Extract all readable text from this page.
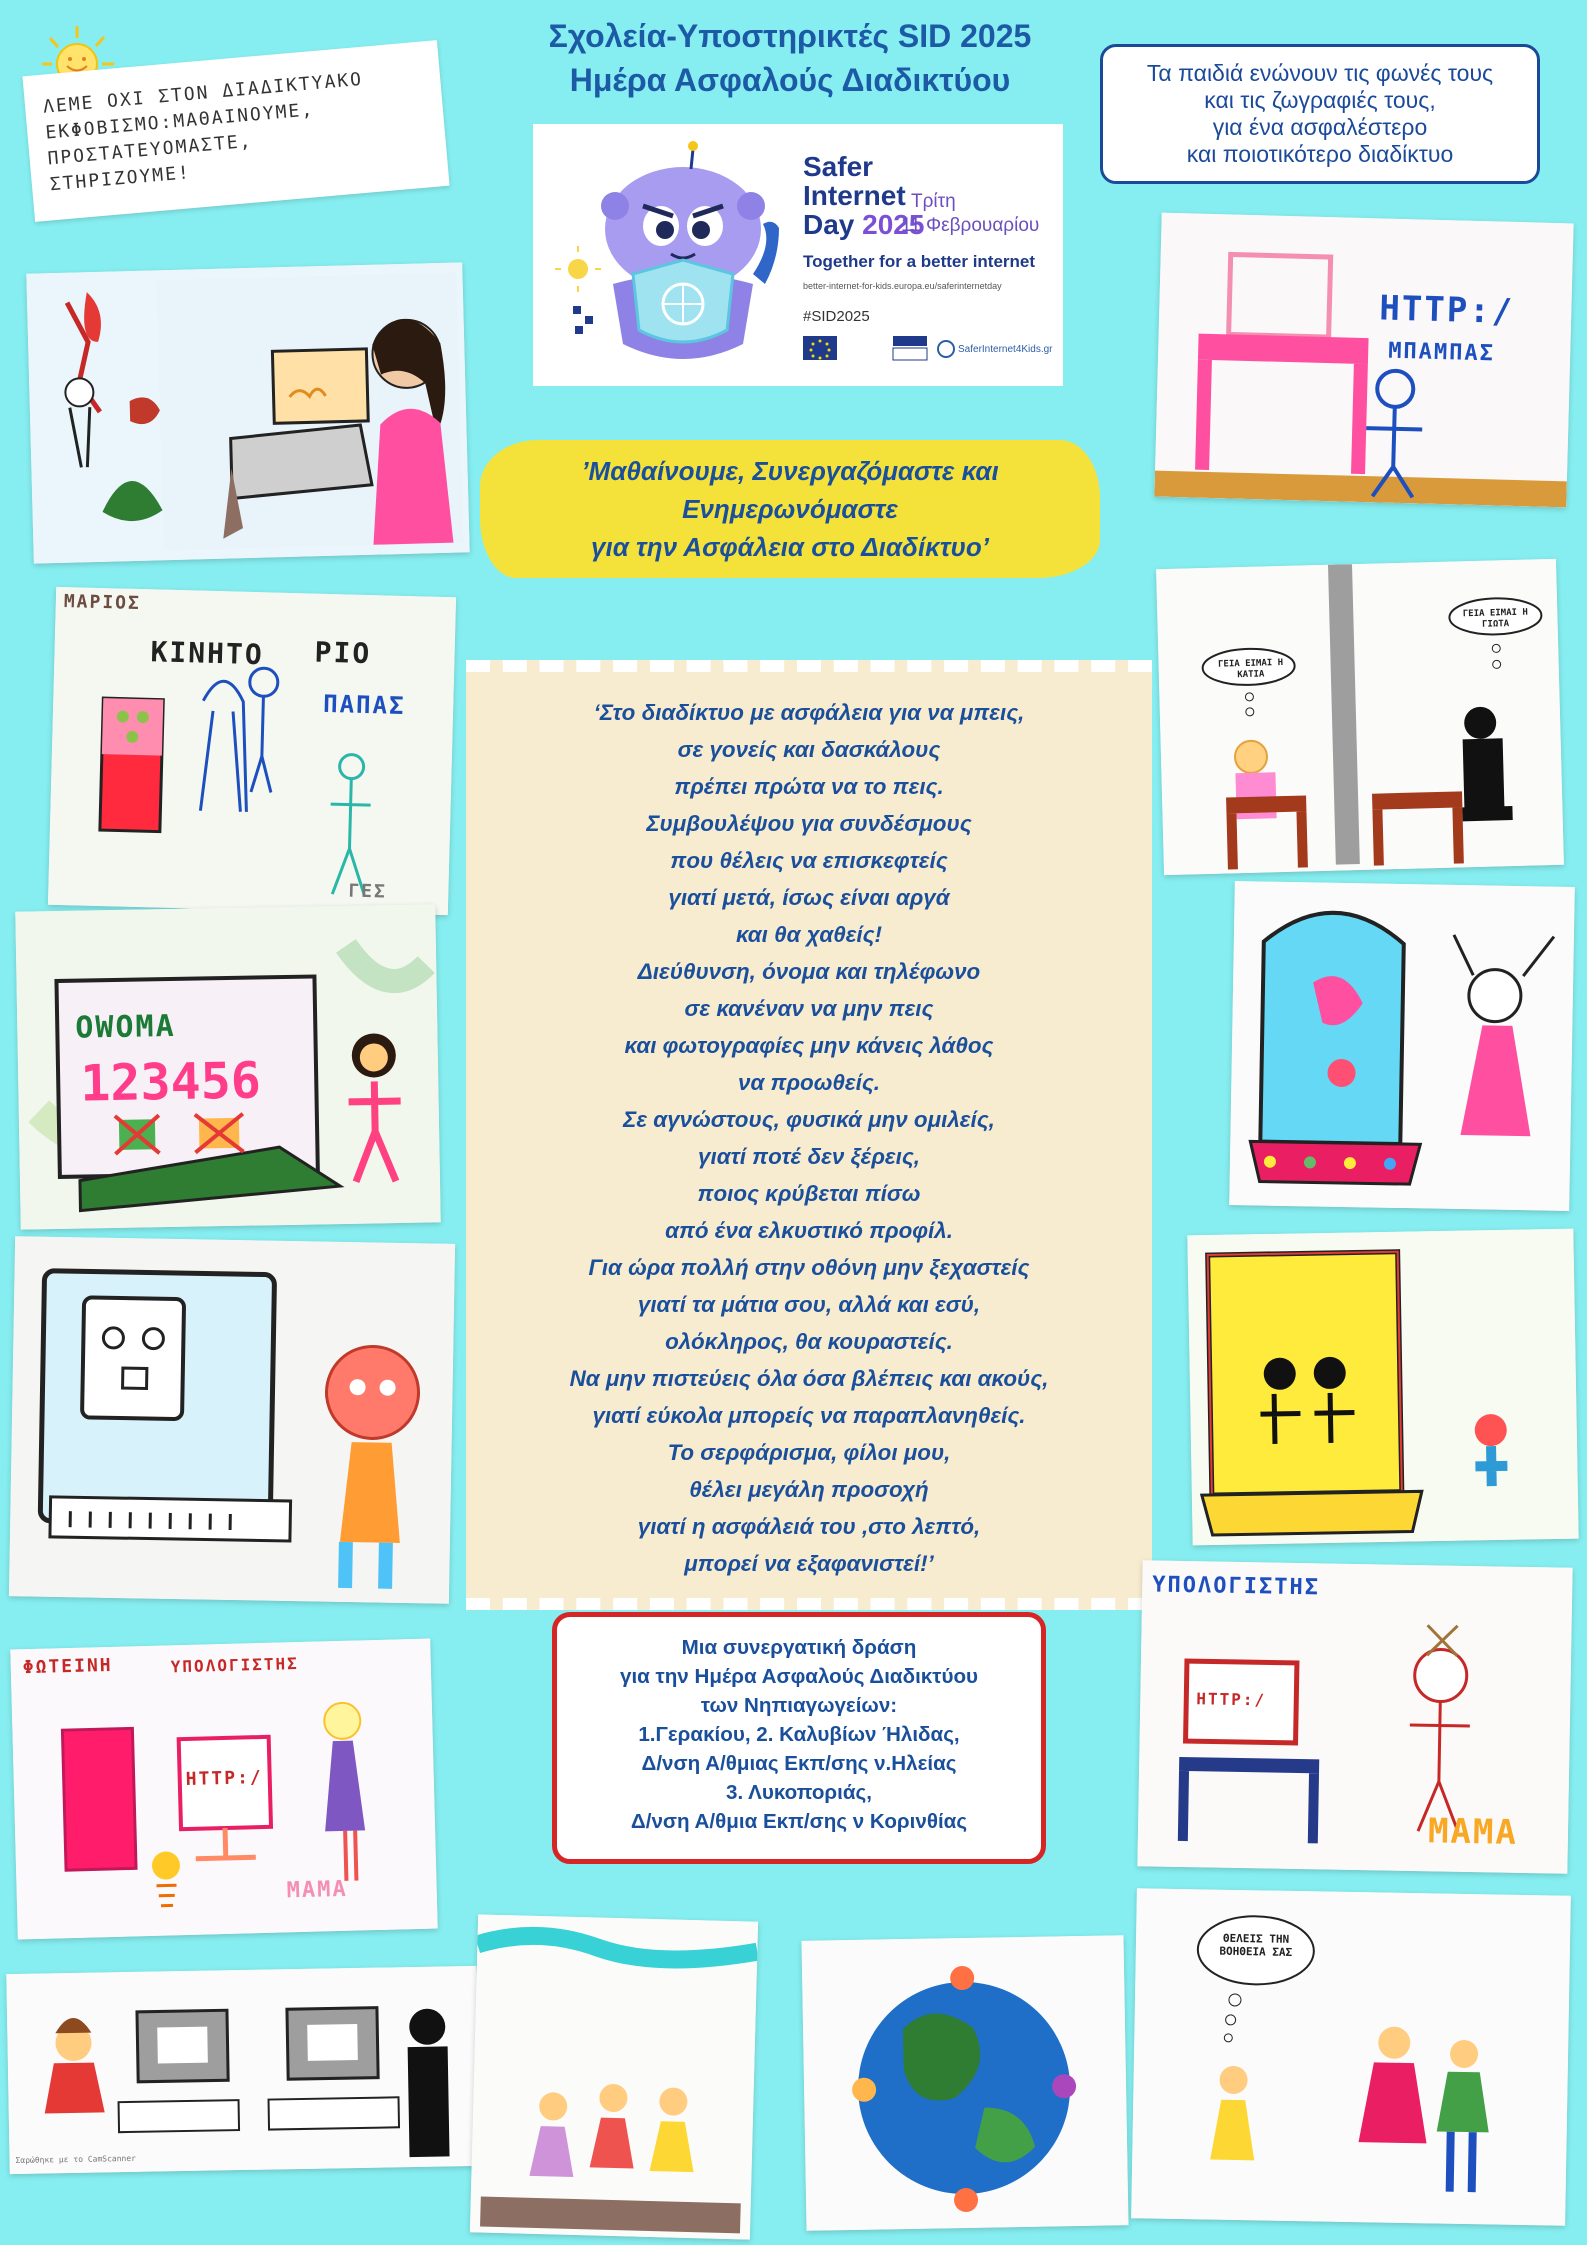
Σχολεία-Υποστηρικτές SID 2025
Ημέρα Ασφαλούς Διαδικτύου	Τα παιδιά ενώνουν τις φωνές τους
και τις ζωγραφιές τους,
για ένα ασφαλέστερο
και ποιοτικότερο διαδίκτυο
ΛΕΜΕ ΟΧΙ ΣΤΟΝ ΔΙΑΔΙΚΤΥΑΚΟ
ΕΚΦΟΒΙΣΜΟ:ΜΑΘΑΙΝΟΥΜΕ,
ΠΡΟΣΤΑΤΕΥΟΜΑΣΤΕ,
ΣΤΗΡΙΖΟΥΜΕ!	Safer
Internet
Day 2025
Τρίτη
11 Φεβρουαρίου
Together for a better internet
better-internet-for-kids.europa.eu/saferinternetday
#SID2025
SaferInternet4Kids.gr
’Μαθαίνουμε, Συνεργαζόμαστε και
Ενημερωνόμαστε
για την Ασφάλεια στο Διαδίκτυο’
‘Στο διαδίκτυο με ασφάλεια για να μπεις,
σε γονείς και δασκάλους
πρέπει πρώτα να το πεις.
Συμβουλέψου για συνδέσμους
που θέλεις να επισκεφτείς
γιατί μετά, ίσως είναι αργά
και θα χαθείς!
Διεύθυνση, όνομα και τηλέφωνο
σε κανέναν να μην πεις
και φωτογραφίες μην κάνεις λάθος
να προωθείς.
Σε αγνώστους, φυσικά μην ομιλείς,
γιατί ποτέ δεν ξέρεις,
ποιος κρύβεται πίσω
από ένα ελκυστικό προφίλ.
Για ώρα πολλή στην οθόνη μην ξεχαστείς
γιατί τα μάτια σου, αλλά και εσύ,
ολόκληρος, θα κουραστείς.
Να μην πιστεύεις όλα όσα βλέπεις και ακούς,
γιατί εύκολα μπορείς να παραπλανηθείς.
Το σερφάρισμα, φίλοι μου,
θέλει μεγάλη προσοχή
γιατί η ασφάλειά του ,στο λεπτό,
μπορεί να εξαφανιστεί!’
Μια συνεργατική δράση
για την Ημέρα Ασφαλούς Διαδικτύου
των Νηπιαγωγείων:
1.Γερακίου, 2. Καλυβίων Ήλιδας,
Δ/νση Α/θμιας Εκπ/σης ν.Ηλείας
3. Λυκοποριάς,
Δ/νση Α/θμια Εκπ/σης ν Κορινθίας
ΜΑΡΙΟΣ
ΚΙΝΗΤΟ ΡΙΟ
ΠΑΠΑΣ
ΓΕΣ
OWOMA
123456
ΦΩΤΕΙΝΗ	ΥΠΟΛΟΓΙΣΤΗΣ
HTTP:/
ΜΑΜΑ
HTTP:/
ΜΠΑΜΠΑΣ
ΓΕΙΑ ΕΙΜΑΙ Η ΚΑΤΙΑ
ΓΕΙΑ ΕΙΜΑΙ Η ΓΙΩΤΑ
ΥΠΟΛΟΓΙΣΤΗΣ
HTTP:/
ΜΑΜΑ
Σαρώθηκε με το CamScanner
ΘΕΛΕΙΣ ΤΗΝ ΒΟΗΘΕΙΑ ΣΑΣ
